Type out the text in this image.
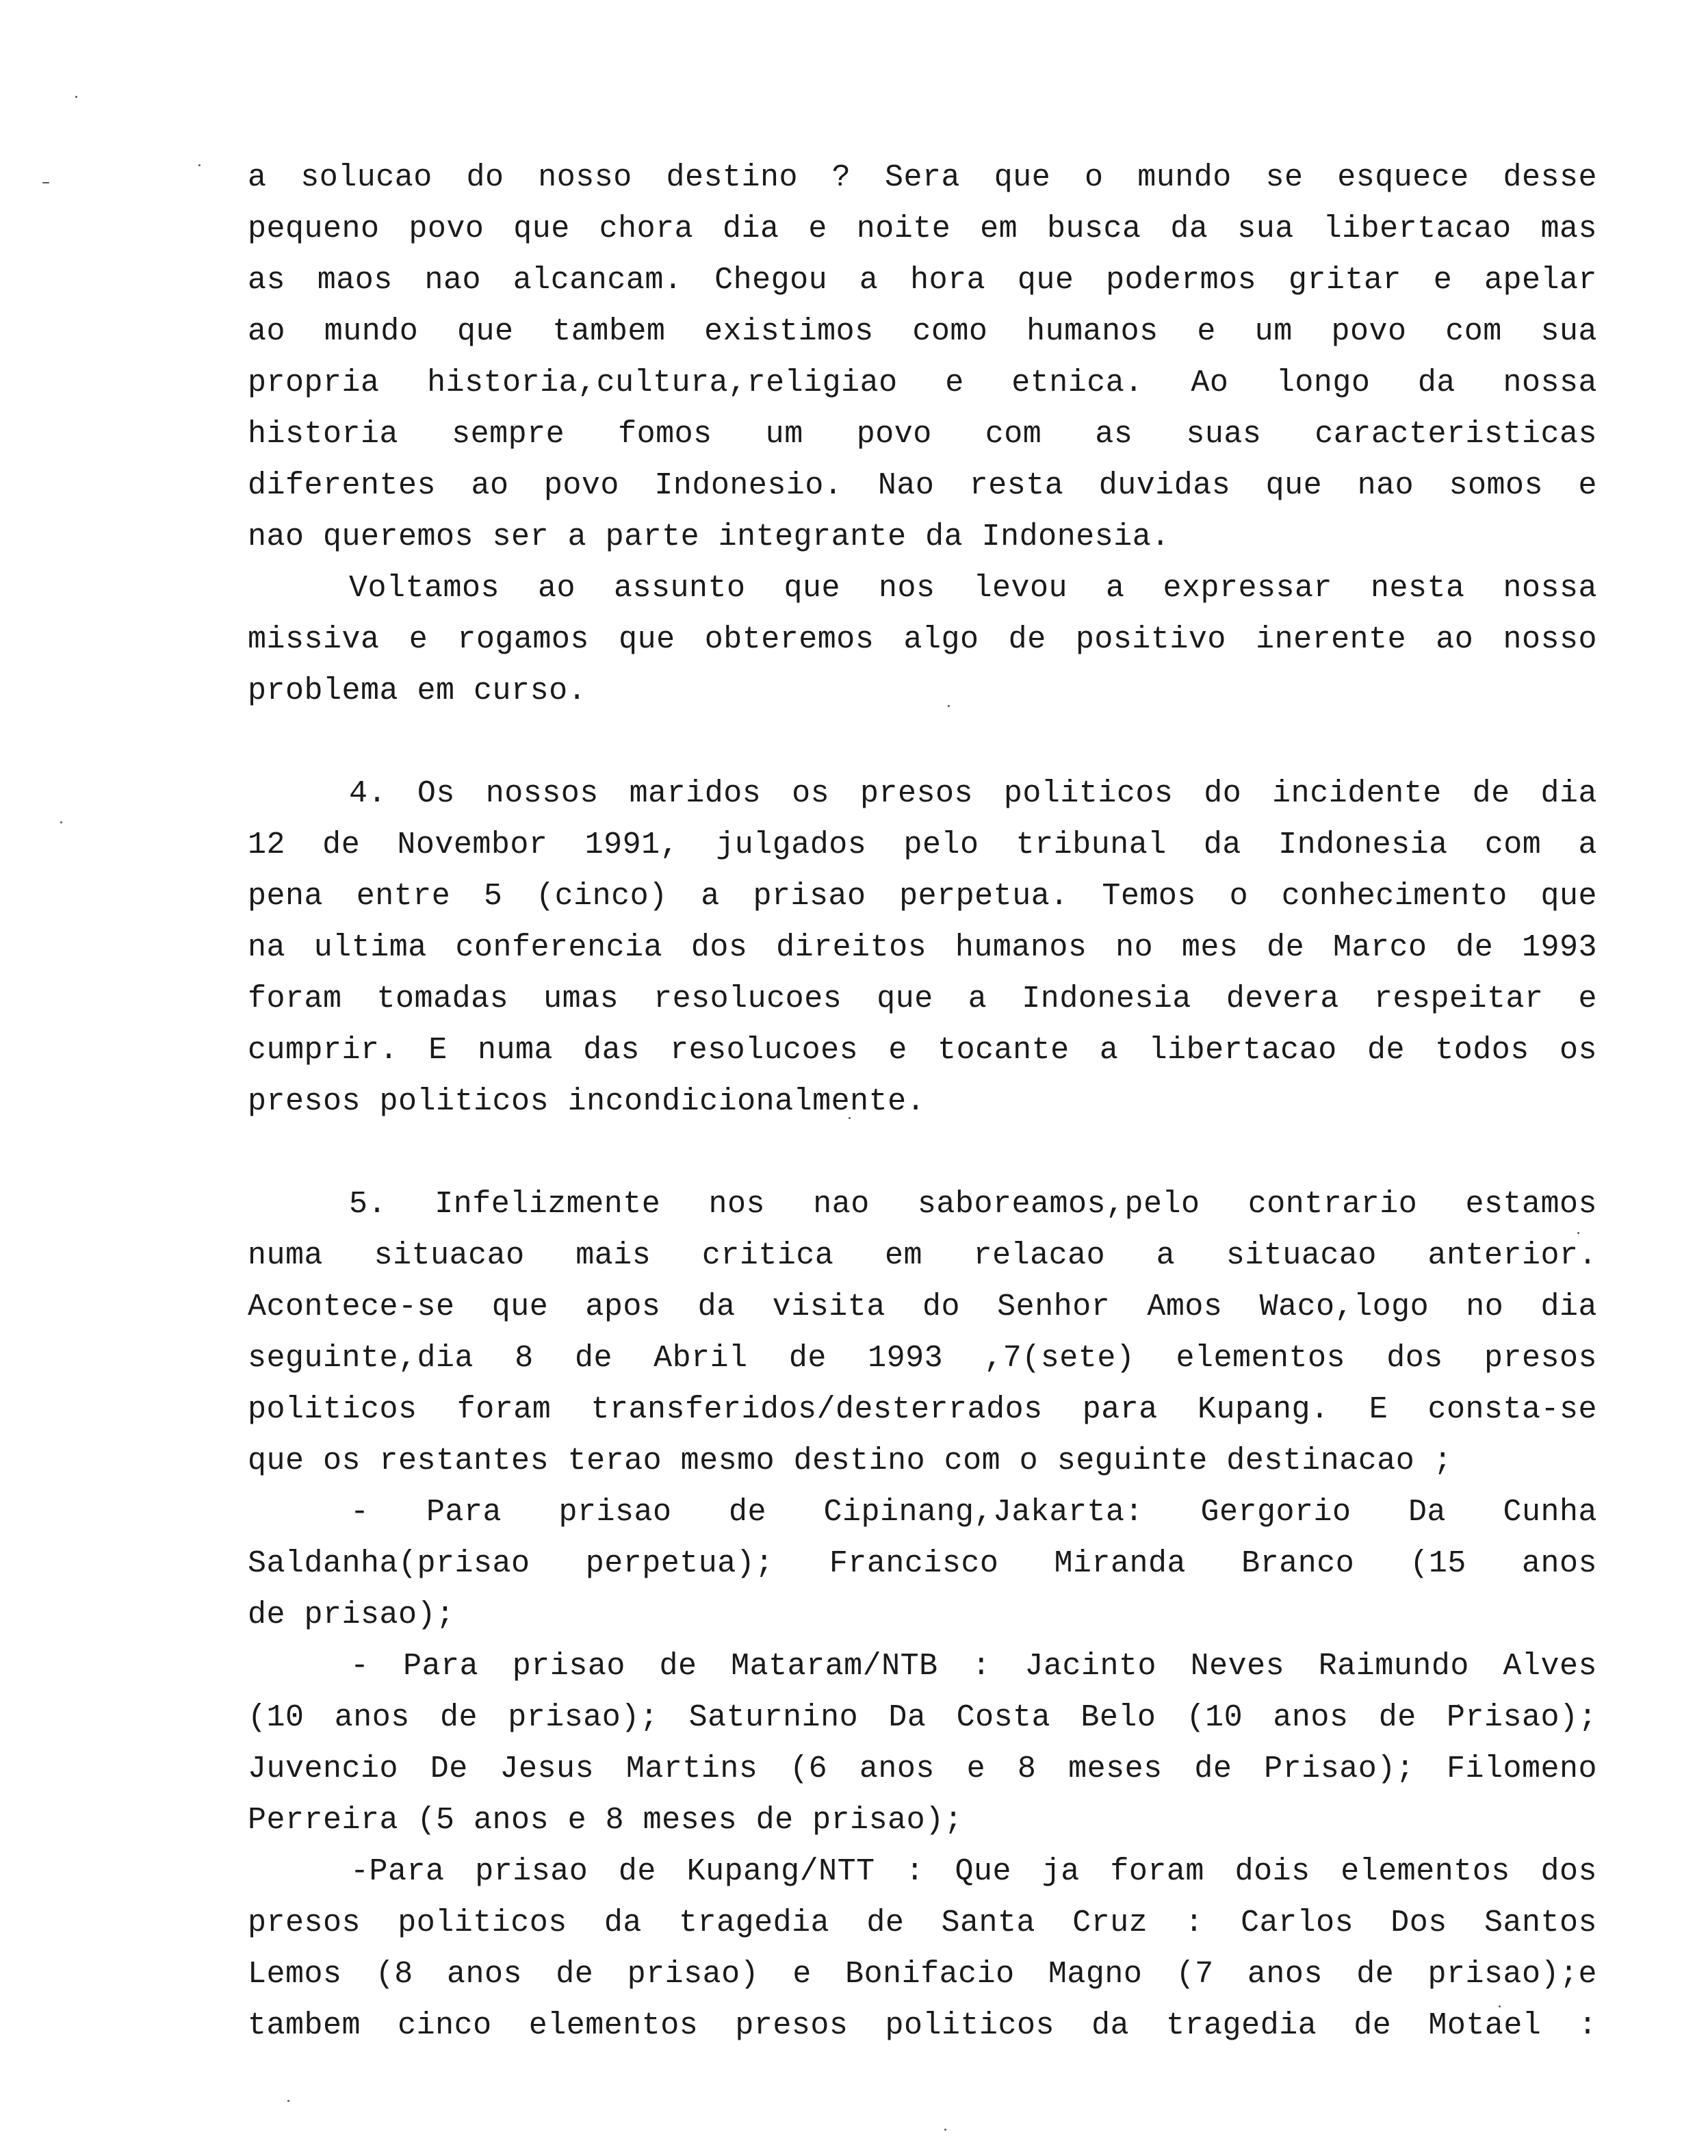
a solucao do nosso destino ? Sera que o mundo se esquece desse
pequeno povo que chora dia e noite em busca da sua libertacao mas
as maos nao alcancam. Chegou a hora que podermos gritar e apelar
ao mundo que tambem existimos como humanos e um povo com sua
propria historia,cultura,religiao e etnica. Ao longo da nossa
historia sempre fomos um povo com as suas caracteristicas
diferentes ao povo Indonesio. Nao resta duvidas que nao somos e
nao queremos ser a parte integrante da Indonesia.
Voltamos ao assunto que nos levou a expressar nesta nossa
missiva e rogamos que obteremos algo de positivo inerente ao nosso
problema em curso.
4. Os nossos maridos os presos politicos do incidente de dia
12 de Novembor 1991, julgados pelo tribunal da Indonesia com a
pena entre 5 (cinco) a prisao perpetua. Temos o conhecimento que
na ultima conferencia dos direitos humanos no mes de Marco de 1993
foram tomadas umas resolucoes que a Indonesia devera respeitar e
cumprir. E numa das resolucoes e tocante a libertacao de todos os
presos politicos incondicionalmente.
5. Infelizmente nos nao saboreamos,pelo contrario estamos
numa situacao mais critica em relacao a situacao anterior.
Acontece-se que apos da visita do Senhor Amos Waco,logo no dia
seguinte,dia 8 de Abril de 1993 ,7(sete) elementos dos presos
politicos foram transferidos/desterrados para Kupang. E consta-se
que os restantes terao mesmo destino com o seguinte destinacao ;
- Para prisao de Cipinang,Jakarta: Gergorio Da Cunha
Saldanha(prisao perpetua); Francisco Miranda Branco (15 anos
de prisao);
- Para prisao de Mataram/NTB : Jacinto Neves Raimundo Alves
(10 anos de prisao); Saturnino Da Costa Belo (10 anos de Prisao);
Juvencio De Jesus Martins (6 anos e 8 meses de Prisao); Filomeno
Perreira (5 anos e 8 meses de prisao);
-Para prisao de Kupang/NTT : Que ja foram dois elementos dos
presos politicos da tragedia de Santa Cruz : Carlos Dos Santos
Lemos (8 anos de prisao) e Bonifacio Magno (7 anos de prisao);e
tambem cinco elementos presos politicos da tragedia de Motael :
